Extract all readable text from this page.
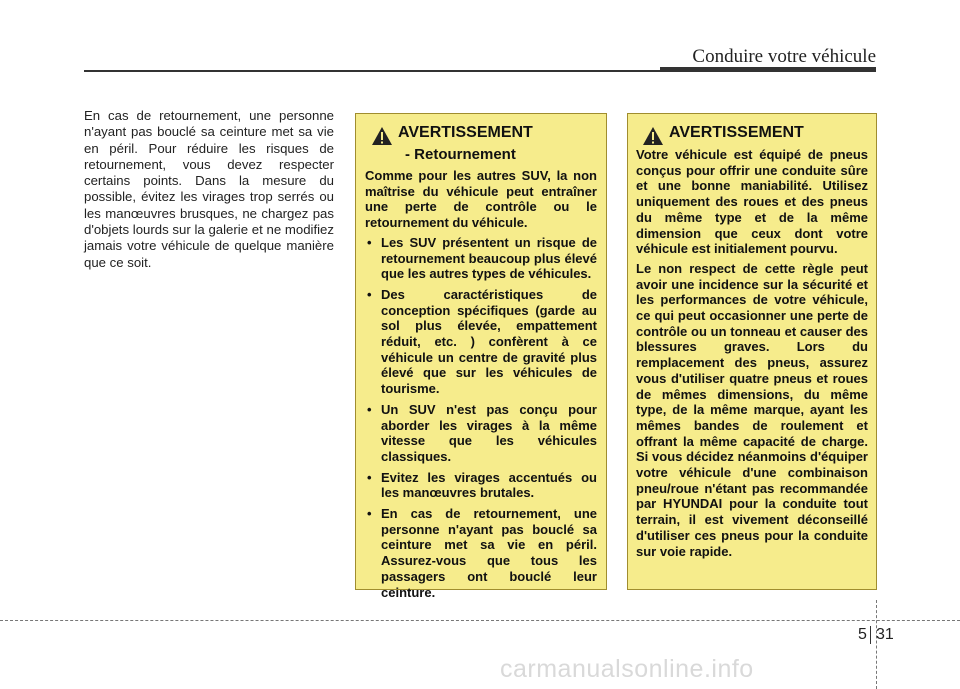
Conduire votre véhicule
En cas de retournement, une personne n'ayant pas bouclé sa ceinture met sa vie en péril. Pour réduire les risques de retournement, vous devez respecter certains points. Dans la mesure du possible, évitez les virages trop serrés ou les manœuvres brusques, ne chargez pas d'objets lourds sur la galerie et ne modifiez jamais votre véhicule de quelque manière que ce soit.
AVERTISSEMENT
- Retournement

Comme pour les autres SUV, la non maîtrise du véhicule peut entraîner une perte de contrôle ou le retournement du véhicule.

• Les SUV présentent un risque de retournement beaucoup plus élevé que les autres types de véhicules.
• Des caractéristiques de conception spécifiques (garde au sol plus élevée, empattement réduit, etc. ) confèrent à ce véhicule un centre de gravité plus élevé que sur les véhicules de tourisme.
• Un SUV n'est pas conçu pour aborder les virages à la même vitesse que les véhicules classiques.
• Evitez les virages accentués ou les manœuvres brutales.
• En cas de retournement, une personne n'ayant pas bouclé sa ceinture met sa vie en péril. Assurez-vous que tous les passagers ont bouclé leur ceinture.
AVERTISSEMENT

Votre véhicule est équipé de pneus conçus pour offrir une conduite sûre et une bonne maniabilité. Utilisez uniquement des roues et des pneus du même type et de la même dimension que ceux dont votre véhicule est initialement pourvu.

Le non respect de cette règle peut avoir une incidence sur la sécurité et les performances de votre véhicule, ce qui peut occasionner une perte de contrôle ou un tonneau et causer des blessures graves. Lors du remplacement des pneus, assurez vous d'utiliser quatre pneus et roues de mêmes dimensions, du même type, de la même marque, ayant les mêmes bandes de roulement et offrant la même capacité de charge. Si vous décidez néanmoins d'équiper votre véhicule d'une combinaison pneu/roue n'étant pas recommandée par HYUNDAI pour la conduite tout terrain, il est vivement déconseillé d'utiliser ces pneus pour la conduite sur voie rapide.

5 31
carmanualsonline.info
